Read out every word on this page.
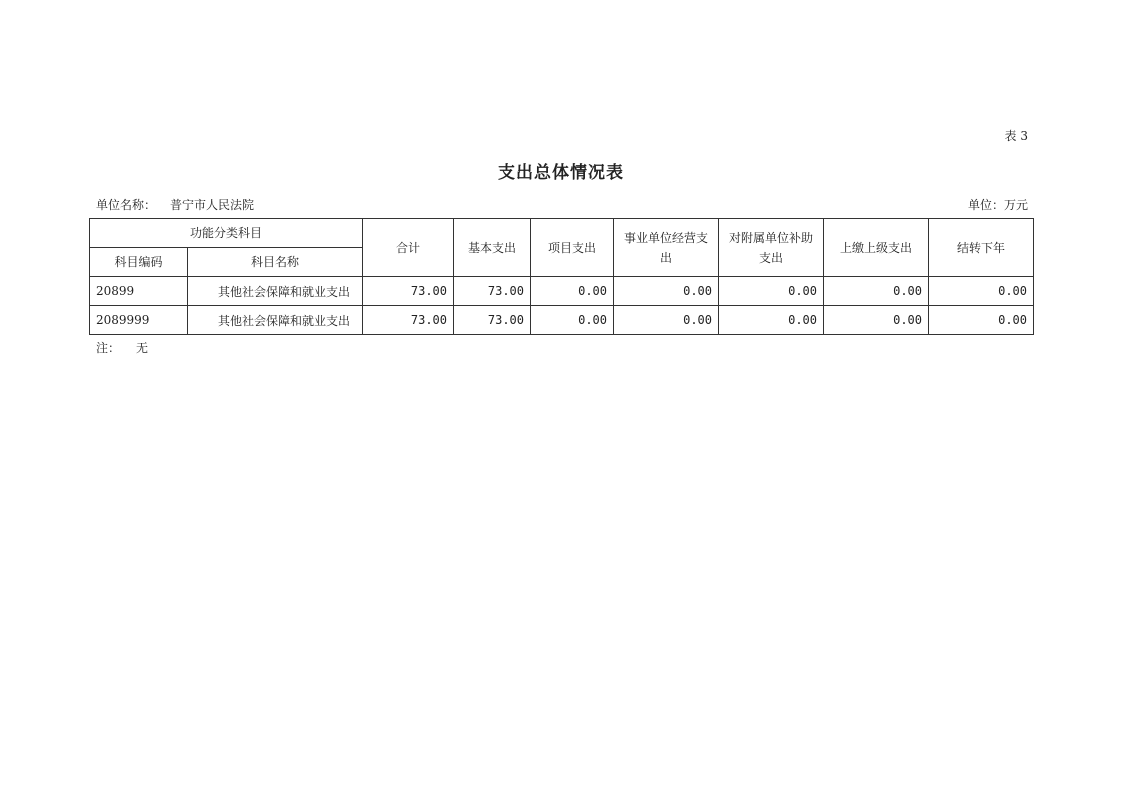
表 3
支出总体情况表
单位名称： 普宁市人民法院	单位：万元
功能分类科目		合计	基本支出	项目支出	事业单位经营支出	对附属单位补助支出	上缴上级支出	结转下年
科目编码	科目名称							
20899	其他社会保障和就业支出	73.00	73.00	0.00	0.00	0.00	0.00	0.00
2089999	其他社会保障和就业支出	73.00	73.00	0.00	0.00	0.00	0.00	0.00
注： 无
